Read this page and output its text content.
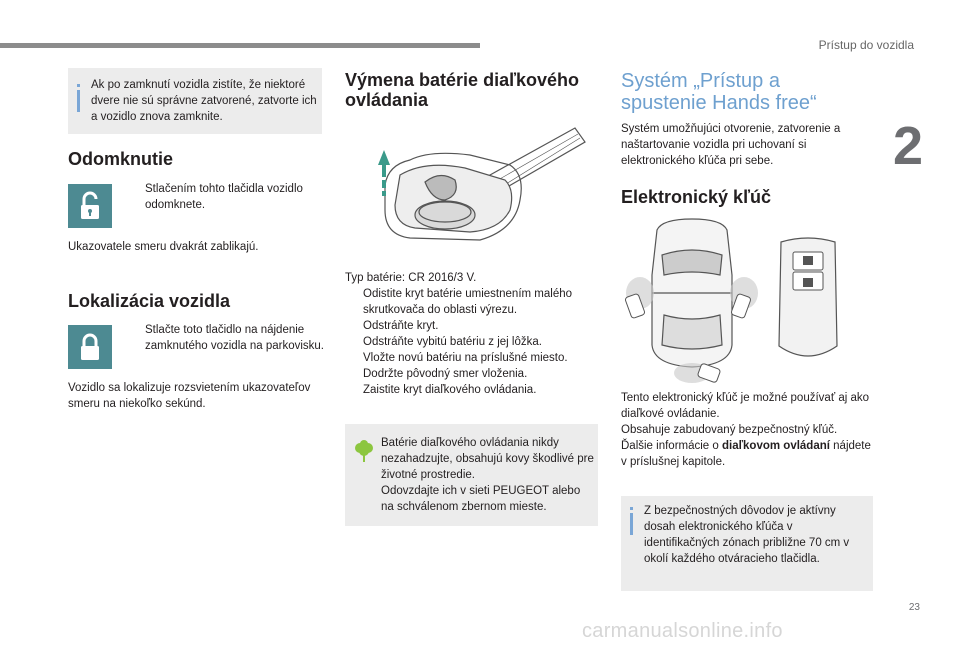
Prístup do vozidla
2
23
carmanualsonline.info
Ak po zamknutí vozidla zistíte, že niektoré dvere nie sú správne zatvorené, zatvorte ich a vozidlo znova zamknite.
Odomknutie
Stlačením tohto tlačidla vozidlo odomknete.
Ukazovatele smeru dvakrát zablikajú.
Lokalizácia vozidla
Stlačte toto tlačidlo na nájdenie zamknutého vozidla na parkovisku.
Vozidlo sa lokalizuje rozsvietením ukazovateľov smeru na niekoľko sekúnd.
Výmena batérie diaľkového ovládania
Typ batérie: CR 2016/3 V.
Odistite kryt batérie umiestnením malého skrutkovača do oblasti výrezu.
Odstráňte kryt.
Odstráňte vybitú batériu z jej lôžka.
Vložte novú batériu na príslušné miesto. Dodržte pôvodný smer vloženia.
Zaistite kryt diaľkového ovládania.
Batérie diaľkového ovládania nikdy nezahadzujte, obsahujú kovy škodlivé pre životné prostredie.
Odovzdajte ich v sieti PEUGEOT alebo na schválenom zbernom mieste.
Systém „Prístup a spustenie Hands free“
Systém umožňujúci otvorenie, zatvorenie a naštartovanie vozidla pri uchovaní si elektronického kľúča pri sebe.
Elektronický kľúč
Tento elektronický kľúč je možné používať aj ako diaľkové ovládanie.
Obsahuje zabudovaný bezpečnostný kľúč.
Ďalšie informácie o diaľkovom ovládaní nájdete v príslušnej kapitole.
Z bezpečnostných dôvodov je aktívny dosah elektronického kľúča v identifikačných zónach približne 70 cm v okolí každého otváracieho tlačidla.
